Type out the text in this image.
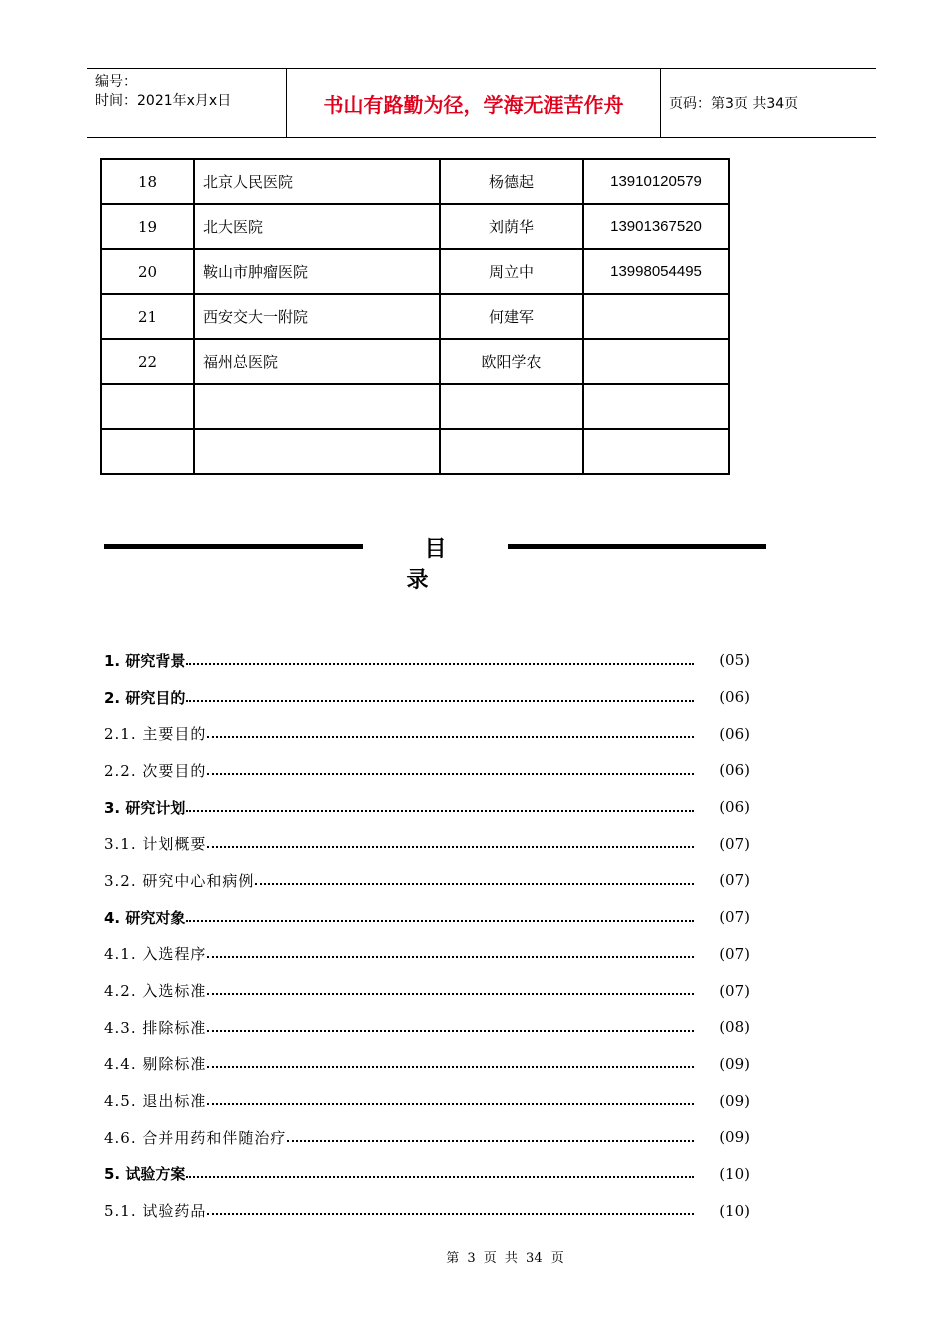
编号：
时间：2021年x月x日	书山有路勤为径，学海无涯苦作舟	页码：第3页 共34页
18	北京人民医院	杨德起	13910120579
19	北大医院	刘荫华	13901367520
20	鞍山市肿瘤医院	周立中	13998054495
21	西安交大一附院	何建军	
22	福州总医院	欧阳学农	

目录
1. 研究背景	(05)
2. 研究目的	(06)
2.1. 主要目的	(06)
2.2. 次要目的	(06)
3. 研究计划	(06)
3.1. 计划概要	(07)
3.2. 研究中心和病例	(07)
4. 研究对象	(07)
4.1. 入选程序	(07)
4.2. 入选标准	(07)
4.3. 排除标准	(08)
4.4. 剔除标准	(09)
4.5. 退出标准	(09)
4.6. 合并用药和伴随治疗	(09)
5. 试验方案	(10)
5.1. 试验药品	(10)
第 3 页 共 34 页
